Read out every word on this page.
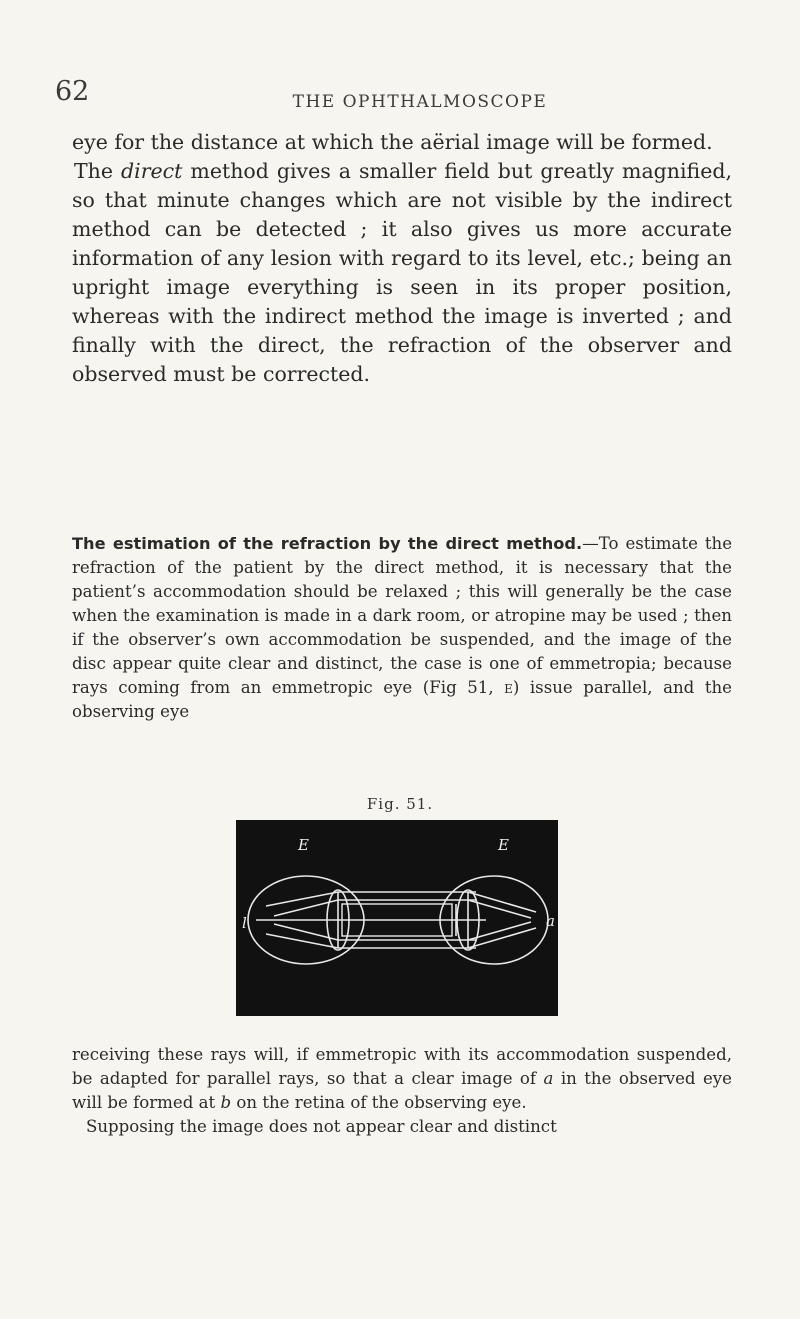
62	THE OPHTHALMOSCOPE

eye for the distance at which the aërial image will be formed.

The direct method gives a smaller field but greatly magnified, so that minute changes which are not visible by the indirect method can be detected ; it also gives us more accurate information of any lesion with regard to its level, etc.; being an upright image everything is seen in its proper position, whereas with the indirect method the image is inverted ; and finally with the direct, the refraction of the observer and observed must be corrected.

The estimation of the refraction by the direct method.—To estimate the refraction of the patient by the direct method, it is necessary that the patient’s accommodation should be relaxed ; this will generally be the case when the examination is made in a dark room, or atropine may be used ; then if the observer’s own accommodation be suspended, and the image of the disc appear quite clear and distinct, the case is one of emmetropia; because rays coming from an emmetropic eye (Fig 51, e) issue parallel, and the observing eye

Fig. 51.
E	E
l	a

receiving these rays will, if emmetropic with its accommodation suspended, be adapted for parallel rays, so that a clear image of a in the observed eye will be formed at b on the retina of the observing eye.

Supposing the image does not appear clear and distinct
